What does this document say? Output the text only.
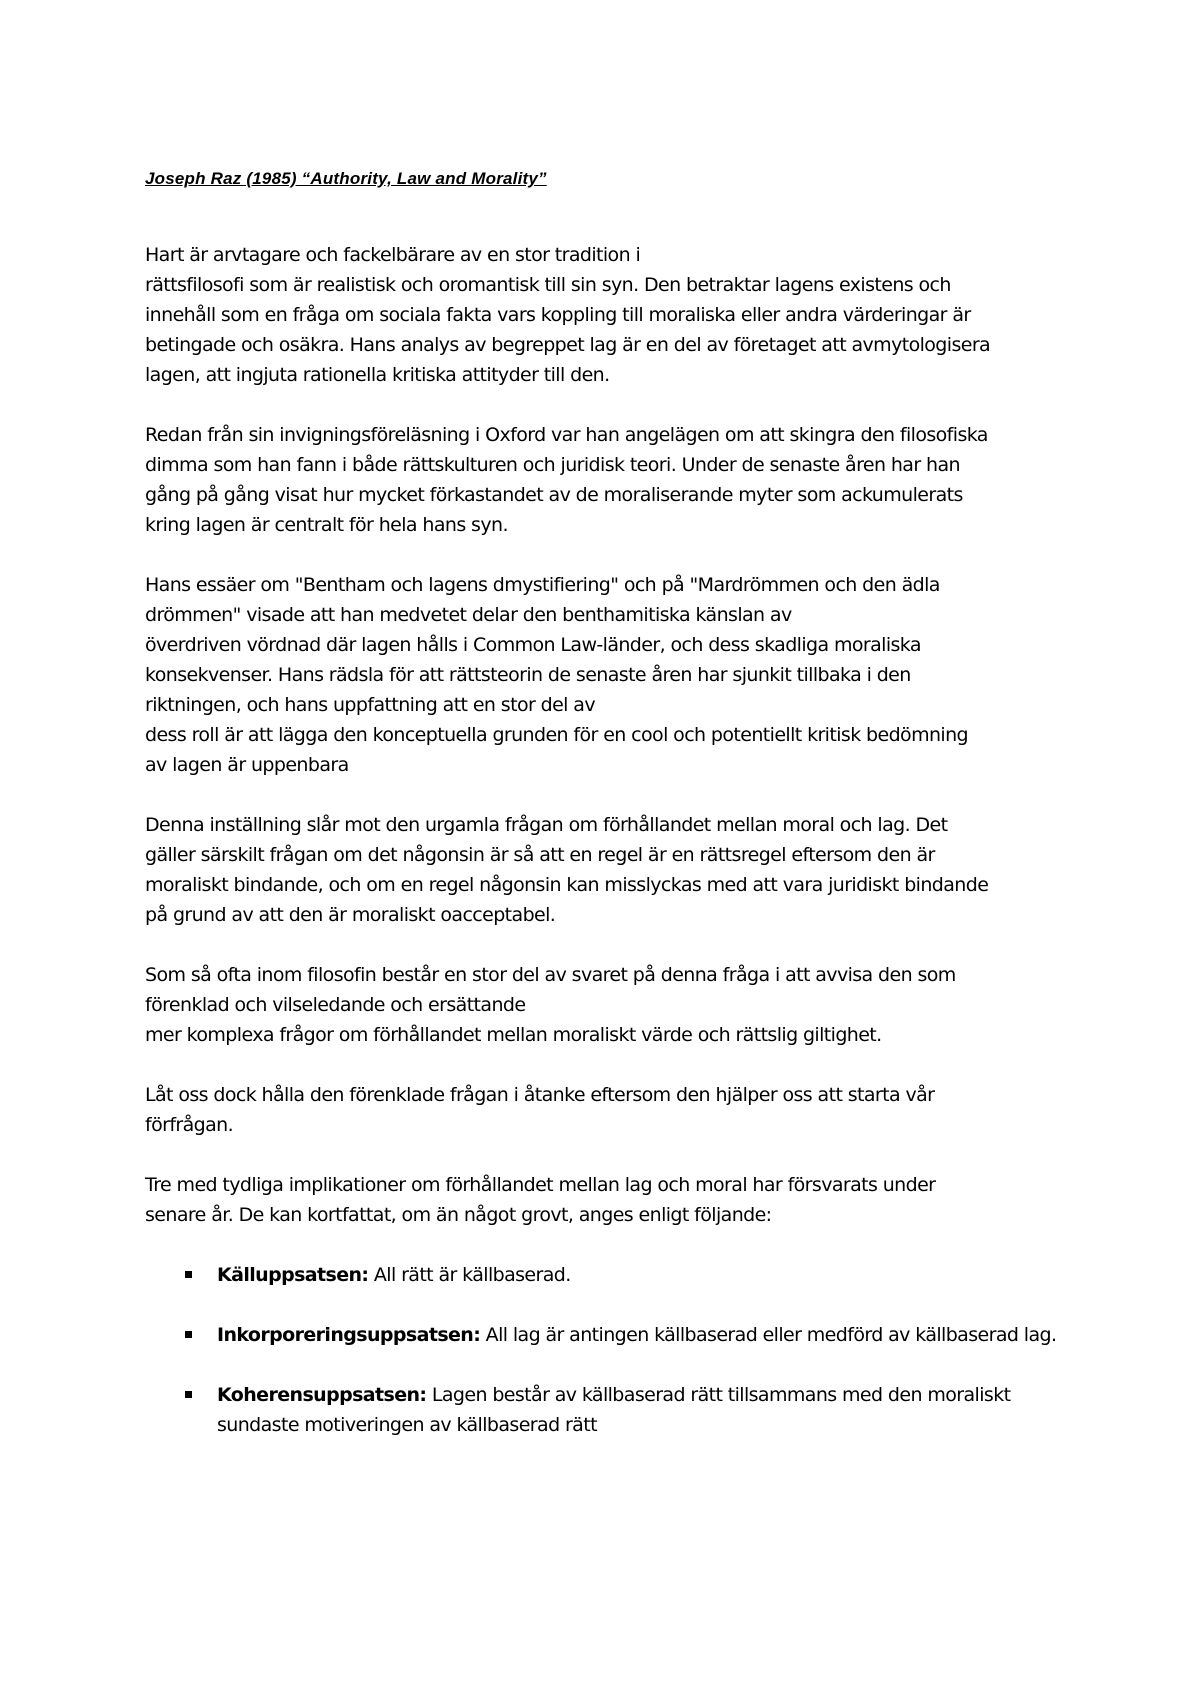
Joseph Raz (1985) “Authority, Law and Morality”
Hart är arvtagare och fackelbärare av en stor tradition i
rättsfilosofi som är realistisk och oromantisk till sin syn. Den betraktar lagens existens och
innehåll som en fråga om sociala fakta vars koppling till moraliska eller andra värderingar är
betingade och osäkra. Hans analys av begreppet lag är en del av företaget att avmytologisera
lagen, att ingjuta rationella kritiska attityder till den.
Redan från sin invigningsföreläsning i Oxford var han angelägen om att skingra den filosofiska
dimma som han fann i både rättskulturen och juridisk teori. Under de senaste åren har han
gång på gång visat hur mycket förkastandet av de moraliserande myter som ackumulerats
kring lagen är centralt för hela hans syn.
Hans essäer om "Bentham och lagens dmystifiering" och på "Mardrömmen och den ädla
drömmen" visade att han medvetet delar den benthamitiska känslan av
överdriven vördnad där lagen hålls i Common Law-länder, och dess skadliga moraliska
konsekvenser. Hans rädsla för att rättsteorin de senaste åren har sjunkit tillbaka i den
riktningen, och hans uppfattning att en stor del av
dess roll är att lägga den konceptuella grunden för en cool och potentiellt kritisk bedömning
av lagen är uppenbara
Denna inställning slår mot den urgamla frågan om förhållandet mellan moral och lag. Det
gäller särskilt frågan om det någonsin är så att en regel är en rättsregel eftersom den är
moraliskt bindande, och om en regel någonsin kan misslyckas med att vara juridiskt bindande
på grund av att den är moraliskt oacceptabel.
Som så ofta inom filosofin består en stor del av svaret på denna fråga i att avvisa den som
förenklad och vilseledande och ersättande
mer komplexa frågor om förhållandet mellan moraliskt värde och rättslig giltighet.
Låt oss dock hålla den förenklade frågan i åtanke eftersom den hjälper oss att starta vår
förfrågan.
Tre med tydliga implikationer om förhållandet mellan lag och moral har försvarats under
senare år. De kan kortfattat, om än något grovt, anges enligt följande:
Källuppsatsen: All rätt är källbaserad.
Inkorporeringsuppsatsen: All lag är antingen källbaserad eller medförd av källbaserad lag.
Koherensuppsatsen: Lagen består av källbaserad rätt tillsammans med den moraliskt sundaste motiveringen av källbaserad rätt
